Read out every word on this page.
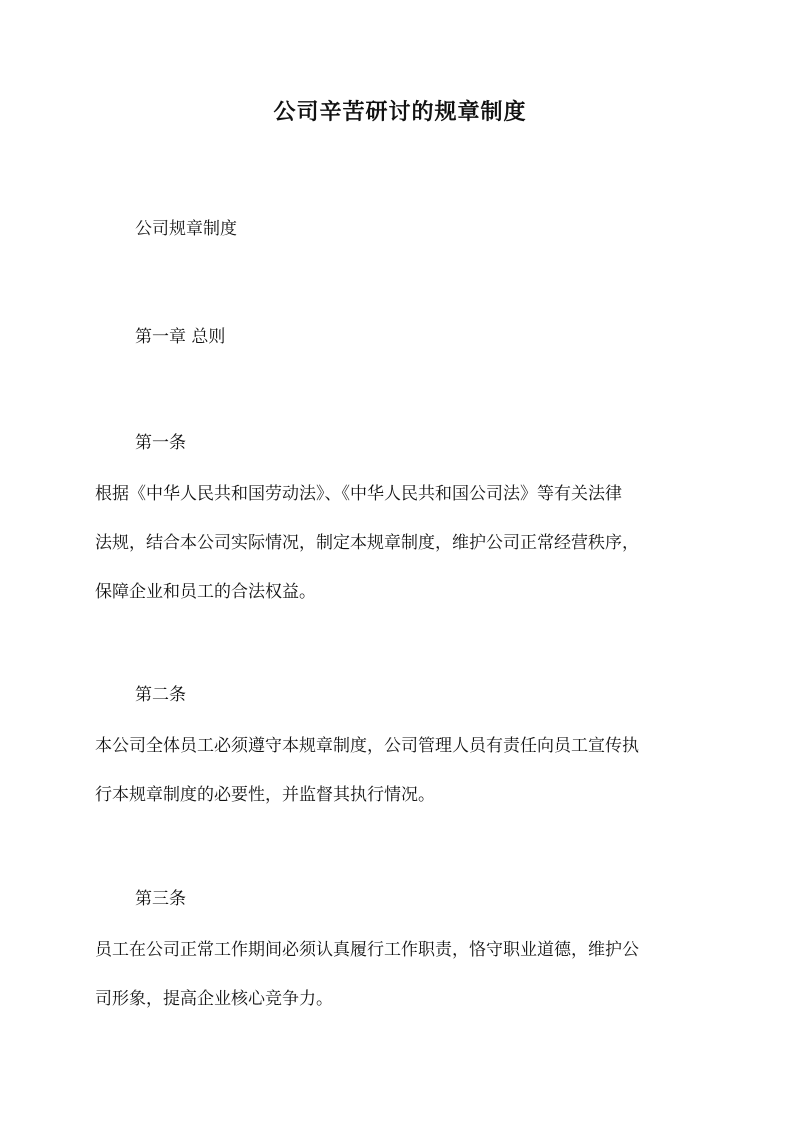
公司辛苦研讨的规章制度
公司规章制度
第一章 总则
第一条
根据《中华人民共和国劳动法》、《中华人民共和国公司法》等有关法律
法规，结合本公司实际情况，制定本规章制度，维护公司正常经营秩序，
保障企业和员工的合法权益。
第二条
本公司全体员工必须遵守本规章制度，公司管理人员有责任向员工宣传执
行本规章制度的必要性，并监督其执行情况。
第三条
员工在公司正常工作期间必须认真履行工作职责，恪守职业道德，维护公
司形象，提高企业核心竞争力。
